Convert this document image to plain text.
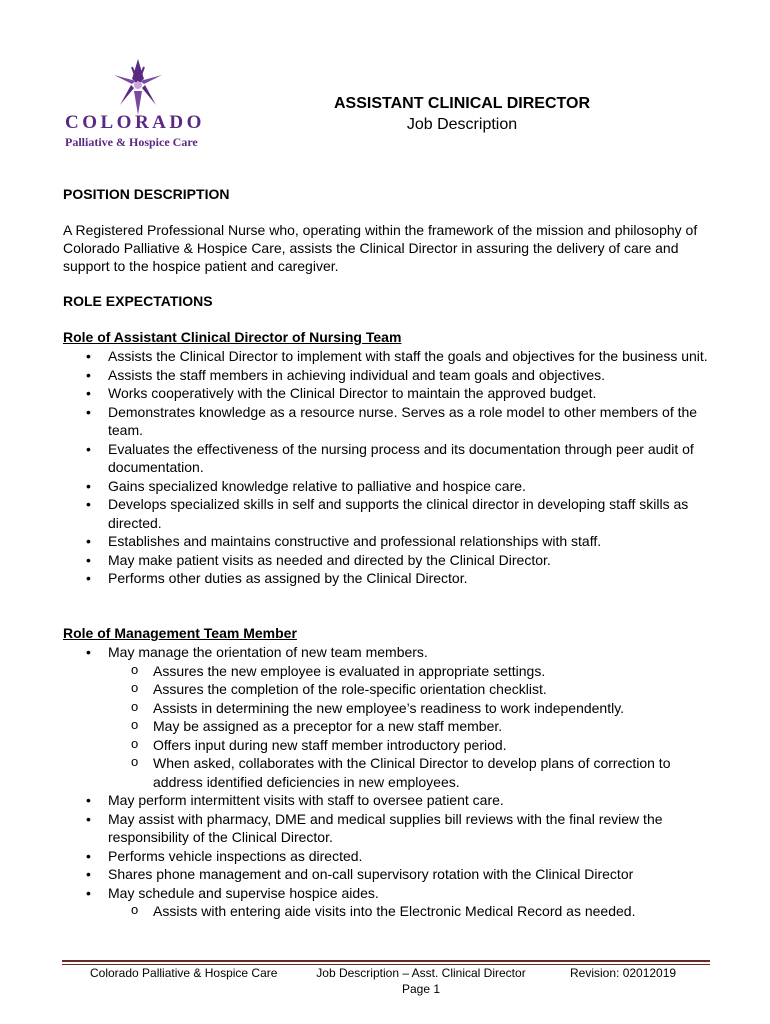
COLORADO
Palliative & Hospice Care
ASSISTANT CLINICAL DIRECTOR
Job Description
POSITION DESCRIPTION
A Registered Professional Nurse who, operating within the framework of the mission and philosophy of Colorado Palliative & Hospice Care, assists the Clinical Director in assuring the delivery of care and support to the hospice patient and caregiver.
ROLE EXPECTATIONS
Role of Assistant Clinical Director of Nursing Team
• Assists the Clinical Director to implement with staff the goals and objectives for the business unit.
• Assists the staff members in achieving individual and team goals and objectives.
• Works cooperatively with the Clinical Director to maintain the approved budget.
• Demonstrates knowledge as a resource nurse. Serves as a role model to other members of the team.
• Evaluates the effectiveness of the nursing process and its documentation through peer audit of documentation.
• Gains specialized knowledge relative to palliative and hospice care.
• Develops specialized skills in self and supports the clinical director in developing staff skills as directed.
• Establishes and maintains constructive and professional relationships with staff.
• May make patient visits as needed and directed by the Clinical Director.
• Performs other duties as assigned by the Clinical Director.
Role of Management Team Member
• May manage the orientation of new team members.
o Assures the new employee is evaluated in appropriate settings.
o Assures the completion of the role-specific orientation checklist.
o Assists in determining the new employee’s readiness to work independently.
o May be assigned as a preceptor for a new staff member.
o Offers input during new staff member introductory period.
o When asked, collaborates with the Clinical Director to develop plans of correction to address identified deficiencies in new employees.
• May perform intermittent visits with staff to oversee patient care.
• May assist with pharmacy, DME and medical supplies bill reviews with the final review the responsibility of the Clinical Director.
• Performs vehicle inspections as directed.
• Shares phone management and on-call supervisory rotation with the Clinical Director
• May schedule and supervise hospice aides.
o Assists with entering aide visits into the Electronic Medical Record as needed.
Colorado Palliative & Hospice Care	Job Description – Asst. Clinical Director
Page 1
Revision: 02012019
